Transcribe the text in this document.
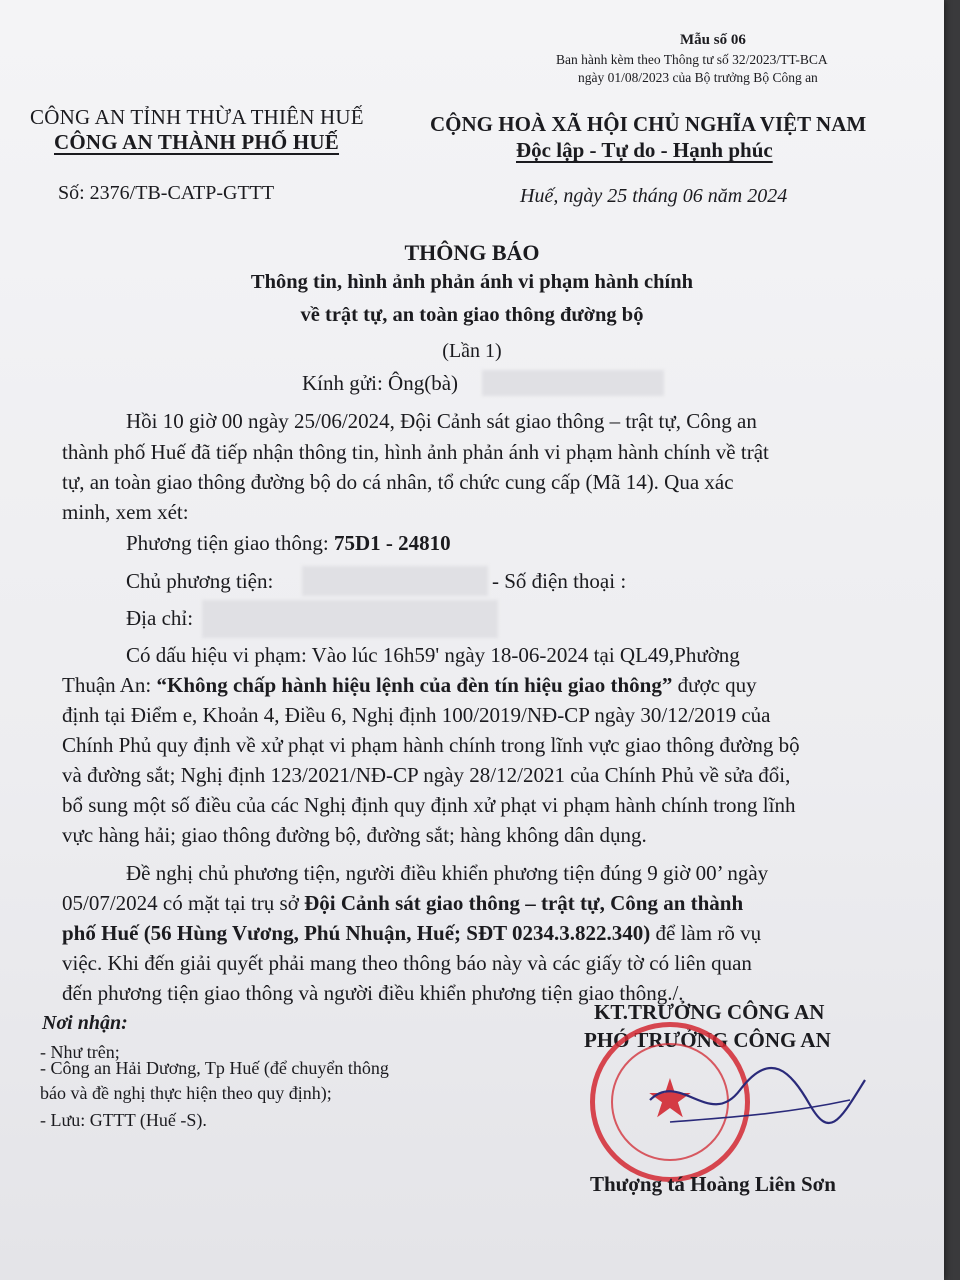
Mẫu số 06
Ban hành kèm theo Thông tư số 32/2023/TT-BCA
ngày 01/08/2023 của Bộ trưởng Bộ Công an
CÔNG AN TỈNH THỪA THIÊN HUẾ
CÔNG AN THÀNH PHỐ HUẾ
Số: 2376/TB-CATP-GTTT
CỘNG HOÀ XÃ HỘI CHỦ NGHĨA VIỆT NAM
Độc lập - Tự do - Hạnh phúc
Huế, ngày 25 tháng 06 năm 2024
THÔNG BÁO
Thông tin, hình ảnh phản ánh vi phạm hành chính
về trật tự, an toàn giao thông đường bộ
(Lần 1)
Kính gửi: Ông(bà)
Hồi 10 giờ 00 ngày 25/06/2024, Đội Cảnh sát giao thông – trật tự, Công an
thành phố Huế đã tiếp nhận thông tin, hình ảnh phản ánh vi phạm hành chính về trật
tự, an toàn giao thông đường bộ do cá nhân, tổ chức cung cấp (Mã 14). Qua xác
minh, xem xét:
Phương tiện giao thông: 75D1 - 24810
Chủ phương tiện:	- Số điện thoại :
Địa chỉ:
Có dấu hiệu vi phạm: Vào lúc 16h59' ngày 18-06-2024 tại QL49,Phường
Thuận An: “Không chấp hành hiệu lệnh của đèn tín hiệu giao thông” được quy
định tại Điểm e, Khoản 4, Điều 6, Nghị định 100/2019/NĐ-CP ngày 30/12/2019 của
Chính Phủ quy định về xử phạt vi phạm hành chính trong lĩnh vực giao thông đường bộ
và đường sắt; Nghị định 123/2021/NĐ-CP ngày 28/12/2021 của Chính Phủ về sửa đổi,
bổ sung một số điều của các Nghị định quy định xử phạt vi phạm hành chính trong lĩnh
vực hàng hải; giao thông đường bộ, đường sắt; hàng không dân dụng.
Đề nghị chủ phương tiện, người điều khiển phương tiện đúng 9 giờ 00’ ngày
05/07/2024 có mặt tại trụ sở Đội Cảnh sát giao thông – trật tự, Công an thành
phố Huế (56 Hùng Vương, Phú Nhuận, Huế; SĐT 0234.3.822.340) để làm rõ vụ
việc. Khi đến giải quyết phải mang theo thông báo này và các giấy tờ có liên quan
đến phương tiện giao thông và người điều khiển phương tiện giao thông./.
Nơi nhận:
- Như trên;
- Công an Hải Dương, Tp Huế (để chuyển thông
báo và đề nghị thực hiện theo quy định);
- Lưu: GTTT (Huế -S).
KT.TRƯỞNG CÔNG AN
PHÓ TRƯỞNG CÔNG AN
★
Thượng tá Hoàng Liên Sơn
